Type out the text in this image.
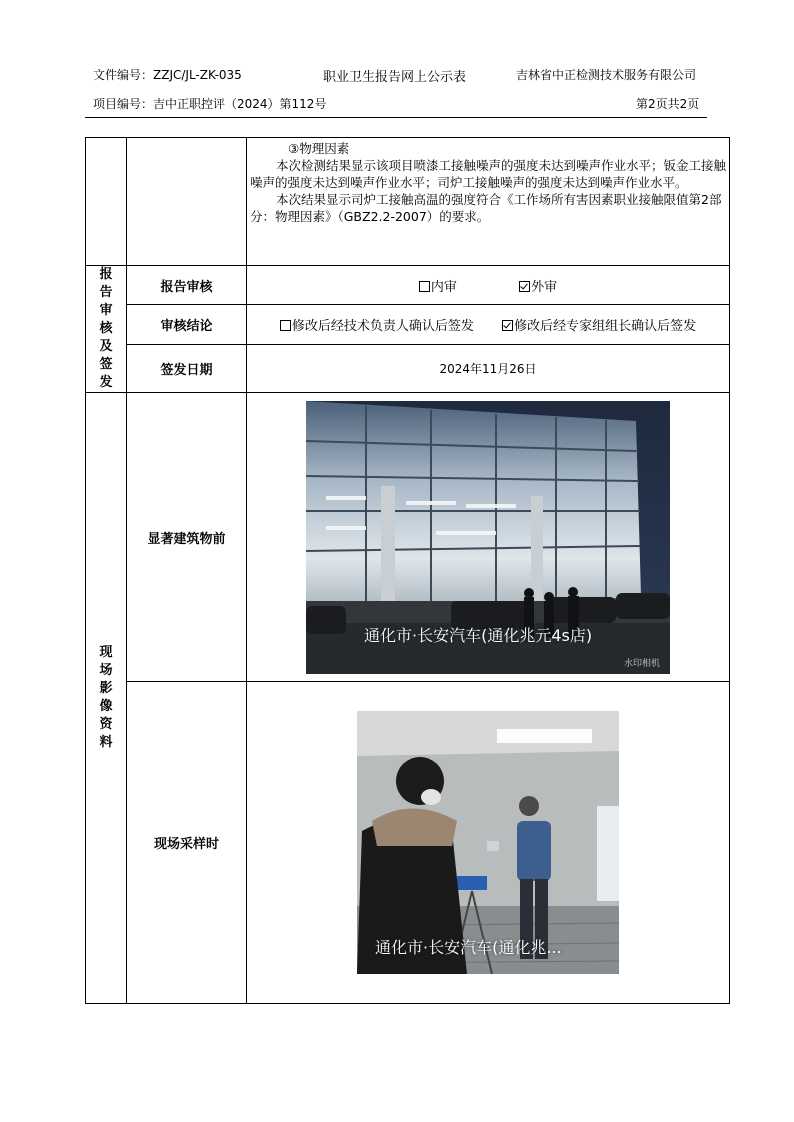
文件编号：ZZJC/JL-ZK-035	职业卫生报告网上公示表	吉林省中正检测技术服务有限公司
项目编号：吉中正职控评（2024）第112号	第2页共2页

		③物理因素

本次检测结果显示该项目喷漆工接触噪声的强度未达到噪声作业水平；钣金工接触噪声的强度未达到噪声作业水平；司炉工接触噪声的强度未达到噪声作业水平。

本次结果显示司炉工接触高温的强度符合《工作场所有害因素职业接触限值第2部分：物理因素》（GBZ2.2-2007）的要求。

报告审核及签发	报告审核	内审 外审
	审核结论	修改后经技术负责人确认后签发 修改后经专家组组长确认后签发
	签发日期	2024年11月26日

现场影像资料	显著建筑物前	通化市·长安汽车(通化兆元4s店)
水印相机

	现场采样时	通化市·长安汽车(通化兆...
